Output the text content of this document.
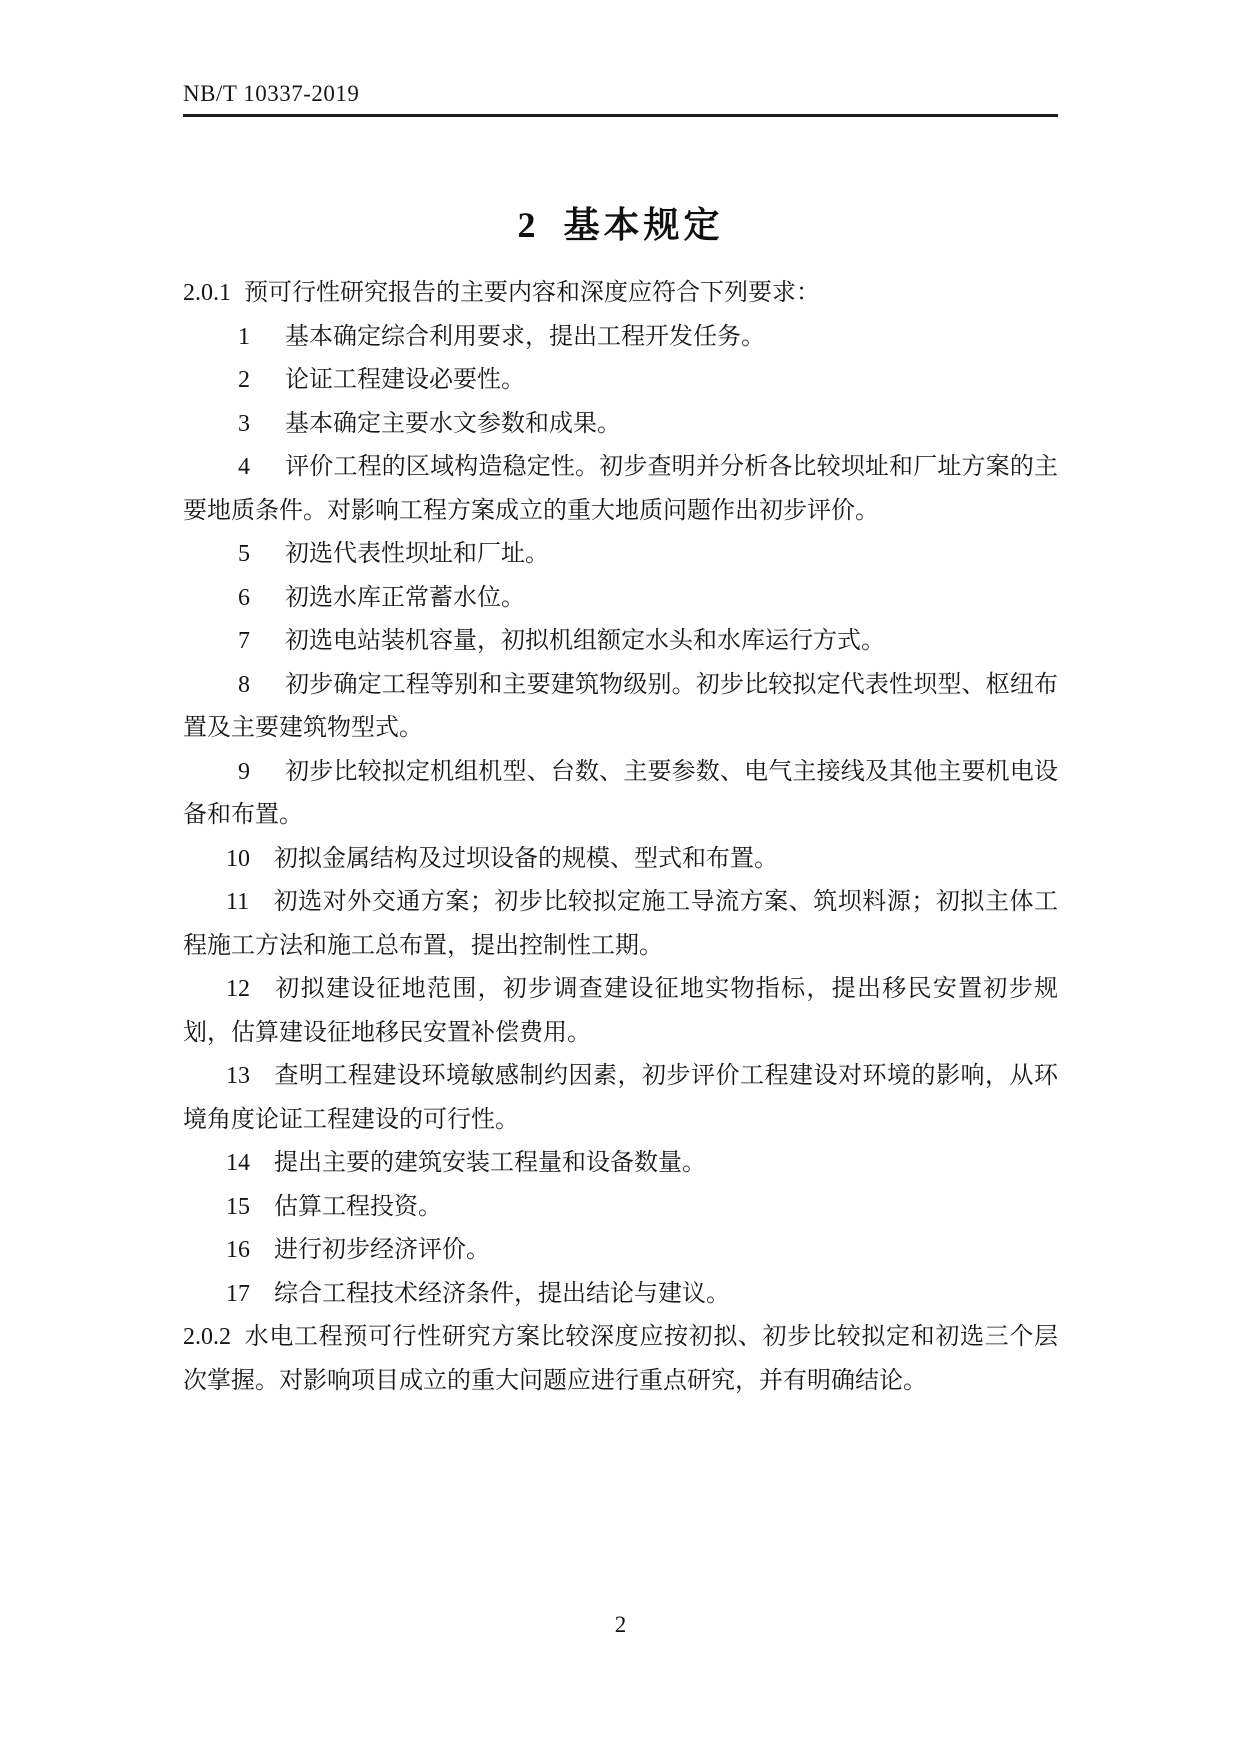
NB/T 10337-2019
2 基本规定

2.0.1 预可行性研究报告的主要内容和深度应符合下列要求：

1 基本确定综合利用要求，提出工程开发任务。

2 论证工程建设必要性。

3 基本确定主要水文参数和成果。

4 评价工程的区域构造稳定性。初步查明并分析各比较坝址和厂址方案的主要地质条件。对影响工程方案成立的重大地质问题作出初步评价。

5 初选代表性坝址和厂址。

6 初选水库正常蓄水位。

7 初选电站装机容量，初拟机组额定水头和水库运行方式。

8 初步确定工程等别和主要建筑物级别。初步比较拟定代表性坝型、枢纽布置及主要建筑物型式。

9 初步比较拟定机组机型、台数、主要参数、电气主接线及其他主要机电设备和布置。

10 初拟金属结构及过坝设备的规模、型式和布置。

11 初选对外交通方案；初步比较拟定施工导流方案、筑坝料源；初拟主体工程施工方法和施工总布置，提出控制性工期。

12 初拟建设征地范围，初步调查建设征地实物指标，提出移民安置初步规划，估算建设征地移民安置补偿费用。

13 查明工程建设环境敏感制约因素，初步评价工程建设对环境的影响，从环境角度论证工程建设的可行性。

14 提出主要的建筑安装工程量和设备数量。

15 估算工程投资。

16 进行初步经济评价。

17 综合工程技术经济条件，提出结论与建议。

2.0.2 水电工程预可行性研究方案比较深度应按初拟、初步比较拟定和初选三个层次掌握。对影响项目成立的重大问题应进行重点研究，并有明确结论。

2
